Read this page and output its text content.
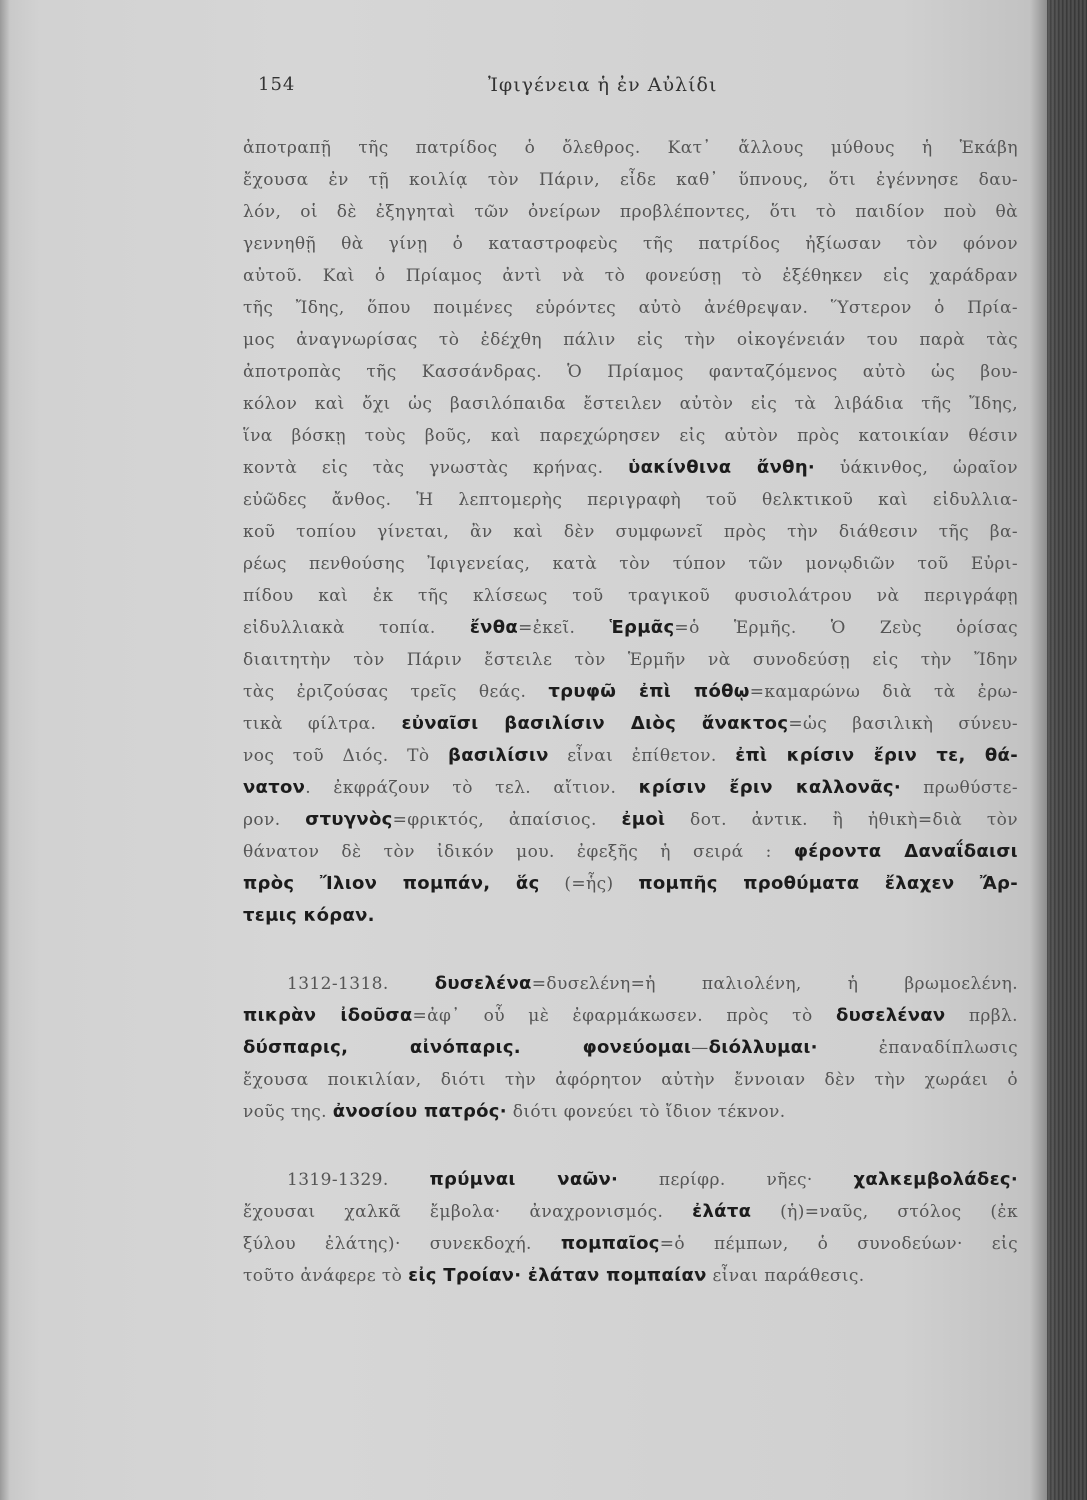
154	Ἰφιγένεια ἡ ἐν Αὐλίδι
ἀποτραπῇ τῆς πατρίδος ὁ ὄλεθρος. Κατ᾽ ἄλλους μύθους ἡ Ἑκάβη
ἔχουσα ἐν τῇ κοιλίᾳ τὸν Πάριν, εἶδε καθ᾽ ὕπνους, ὅτι ἐγέννησε δαυ-
λόν, οἱ δὲ ἐξηγηταὶ τῶν ὀνείρων προβλέποντες, ὅτι τὸ παιδίον ποὺ θὰ
γεννηθῇ θὰ γίνῃ ὁ καταστροφεὺς τῆς πατρίδος ἠξίωσαν τὸν φόνον
αὐτοῦ. Καὶ ὁ Πρίαμος ἀντὶ νὰ τὸ φονεύσῃ τὸ ἐξέθηκεν εἰς χαράδραν
τῆς Ἴδης, ὅπου ποιμένες εὑρόντες αὐτὸ ἀνέθρεψαν. Ὕστερον ὁ Πρία-
μος ἀναγνωρίσας τὸ ἐδέχθη πάλιν εἰς τὴν οἰκογένειάν του παρὰ τὰς
ἀποτροπὰς τῆς Κασσάνδρας. Ὁ Πρίαμος φανταζόμενος αὐτὸ ὡς βου-
κόλον καὶ ὄχι ὡς βασιλόπαιδα ἔστειλεν αὐτὸν εἰς τὰ λιβάδια τῆς Ἴδης,
ἵνα βόσκῃ τοὺς βοῦς, καὶ παρεχώρησεν εἰς αὐτὸν πρὸς κατοικίαν θέσιν
κοντὰ εἰς τὰς γνωστὰς κρήνας. ὑακίνθινα ἄνθη· ὑάκινθος, ὡραῖον
εὐῶδες ἄνθος. Ἡ λεπτομερὴς περιγραφὴ τοῦ θελκτικοῦ καὶ εἰδυλλια-
κοῦ τοπίου γίνεται, ἂν καὶ δὲν συμφωνεῖ πρὸς τὴν διάθεσιν τῆς βα-
ρέως πενθούσης Ἰφιγενείας, κατὰ τὸν τύπον τῶν μονῳδιῶν τοῦ Εὐρι-
πίδου καὶ ἐκ τῆς κλίσεως τοῦ τραγικοῦ φυσιολάτρου νὰ περιγράφῃ
εἰδυλλιακὰ τοπία. ἔνθα=ἐκεῖ. Ἑρμᾶς=ὁ Ἑρμῆς. Ὁ Ζεὺς ὁρίσας
διαιτητὴν τὸν Πάριν ἔστειλε τὸν Ἑρμῆν νὰ συνοδεύσῃ εἰς τὴν Ἴδην
τὰς ἐριζούσας τρεῖς θεάς. τρυφῶ ἐπὶ πόθῳ=καμαρώνω διὰ τὰ ἐρω-
τικὰ φίλτρα. εὐναῖσι βασιλίσιν Διὸς ἄνακτος=ὡς βασιλικὴ σύνευ-
νος τοῦ Διός. Τὸ βασιλίσιν εἶναι ἐπίθετον. ἐπὶ κρίσιν ἔριν τε, θά-
νατον. ἐκφράζουν τὸ τελ. αἴτιον. κρίσιν ἔριν καλλονᾶς· πρωθύστε-
ρον. στυγνὸς=φρικτός, ἀπαίσιος. ἐμοὶ δοτ. ἀντικ. ἢ ἠθικὴ=διὰ τὸν
θάνατον δὲ τὸν ἰδικόν μου. ἐφεξῆς ἡ σειρά : φέροντα Δαναΐδαισι
πρὸς Ἴλιον πομπάν, ἅς (=ἧς) πομπῆς προθύματα ἔλαχεν Ἄρ-
τεμις κόραν.
1312-1318. δυσελένα=δυσελένη=ἡ παλιολένη, ἡ βρωμοελένη.
πικρὰν ἰδοῦσα=ἀφ᾽ οὗ μὲ ἐφαρμάκωσεν. πρὸς τὸ δυσελέναν πρβλ.
δύσπαρις, αἰνόπαρις. φονεύομαι—διόλλυμαι· ἐπαναδίπλωσις
ἔχουσα ποικιλίαν, διότι τὴν ἀφόρητον αὐτὴν ἔννοιαν δὲν τὴν χωράει ὁ
νοῦς της. ἀνοσίου πατρός· διότι φονεύει τὸ ἴδιον τέκνον.
1319-1329. πρύμναι ναῶν· περίφρ. νῆες· χαλκεμβολάδες·
ἔχουσαι χαλκᾶ ἔμβολα· ἀναχρονισμός. ἐλάτα (ἡ)=ναῦς, στόλος (ἐκ
ξύλου ἐλάτης)· συνεκδοχή. πομπαῖος=ὁ πέμπων, ὁ συνοδεύων· εἰς
τοῦτο ἀνάφερε τὸ εἰς Τροίαν· ἐλάταν πομπαίαν εἶναι παράθεσις.
